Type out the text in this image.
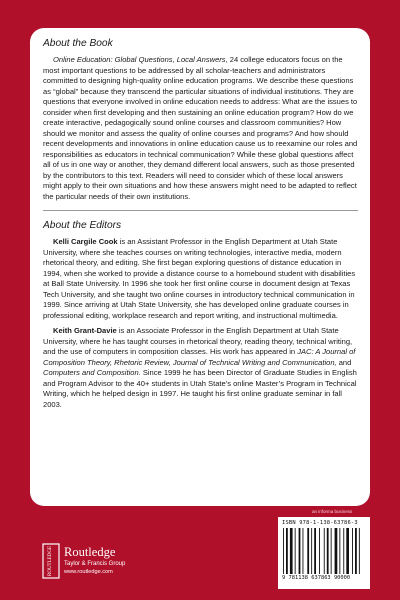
About the Book

Online Education: Global Questions, Local Answers, 24 college educators focus on the most important questions to be addressed by all scholar-teachers and administrators committed to designing high-quality online education programs. We describe these questions as “global” because they transcend the particular situations of individual institutions. They are questions that everyone involved in online education needs to address: What are the issues to consider when first developing and then sustaining an online education program? How do we create interactive, pedagogically sound online courses and classroom communities? How should we monitor and assess the quality of online courses and programs? And how should recent developments and innovations in online education cause us to reexamine our roles and responsibilities as educators in technical communication? While these global questions affect all of us in one way or another, they demand different local answers, such as those presented by the contributors to this text. Readers will need to consider which of these local answers might apply to their own situations and how these answers might need to be adapted to reflect the particular needs of their own institutions.

About the Editors

Kelli Cargile Cook is an Assistant Professor in the English Department at Utah State University, where she teaches courses on writing technologies, interactive media, modern rhetorical theory, and editing. She first began exploring questions of distance education in 1994, when she worked to provide a distance course to a homebound student with disabilities at Ball State University. In 1996 she took her first online course in document design at Texas Tech University, and she taught two online courses in introductory technical communication in 1999. Since arriving at Utah State University, she has developed online graduate courses in professional editing, workplace research and report writing, and instructional multimedia.

Keith Grant-Davie is an Associate Professor in the English Department at Utah State University, where he has taught courses in rhetorical theory, reading theory, technical writing, and the use of computers in composition classes. His work has appeared in JAC: A Journal of Composition Theory, Rhetoric Review, Journal of Technical Writing and Communication, and Computers and Composition. Since 1999 he has been Director of Graduate Studies in English and Program Advisor to the 40+ students in Utah State’s online Master’s Program in Technical Writing, which he helped design in 1997. He taught his first online graduate seminar in fall 2003.

an informa business
ISBN 978-1-138-63786-3
9 781138 637863 90000
ROUTLEDGE Routledge
Taylor & Francis Group
www.routledge.com
